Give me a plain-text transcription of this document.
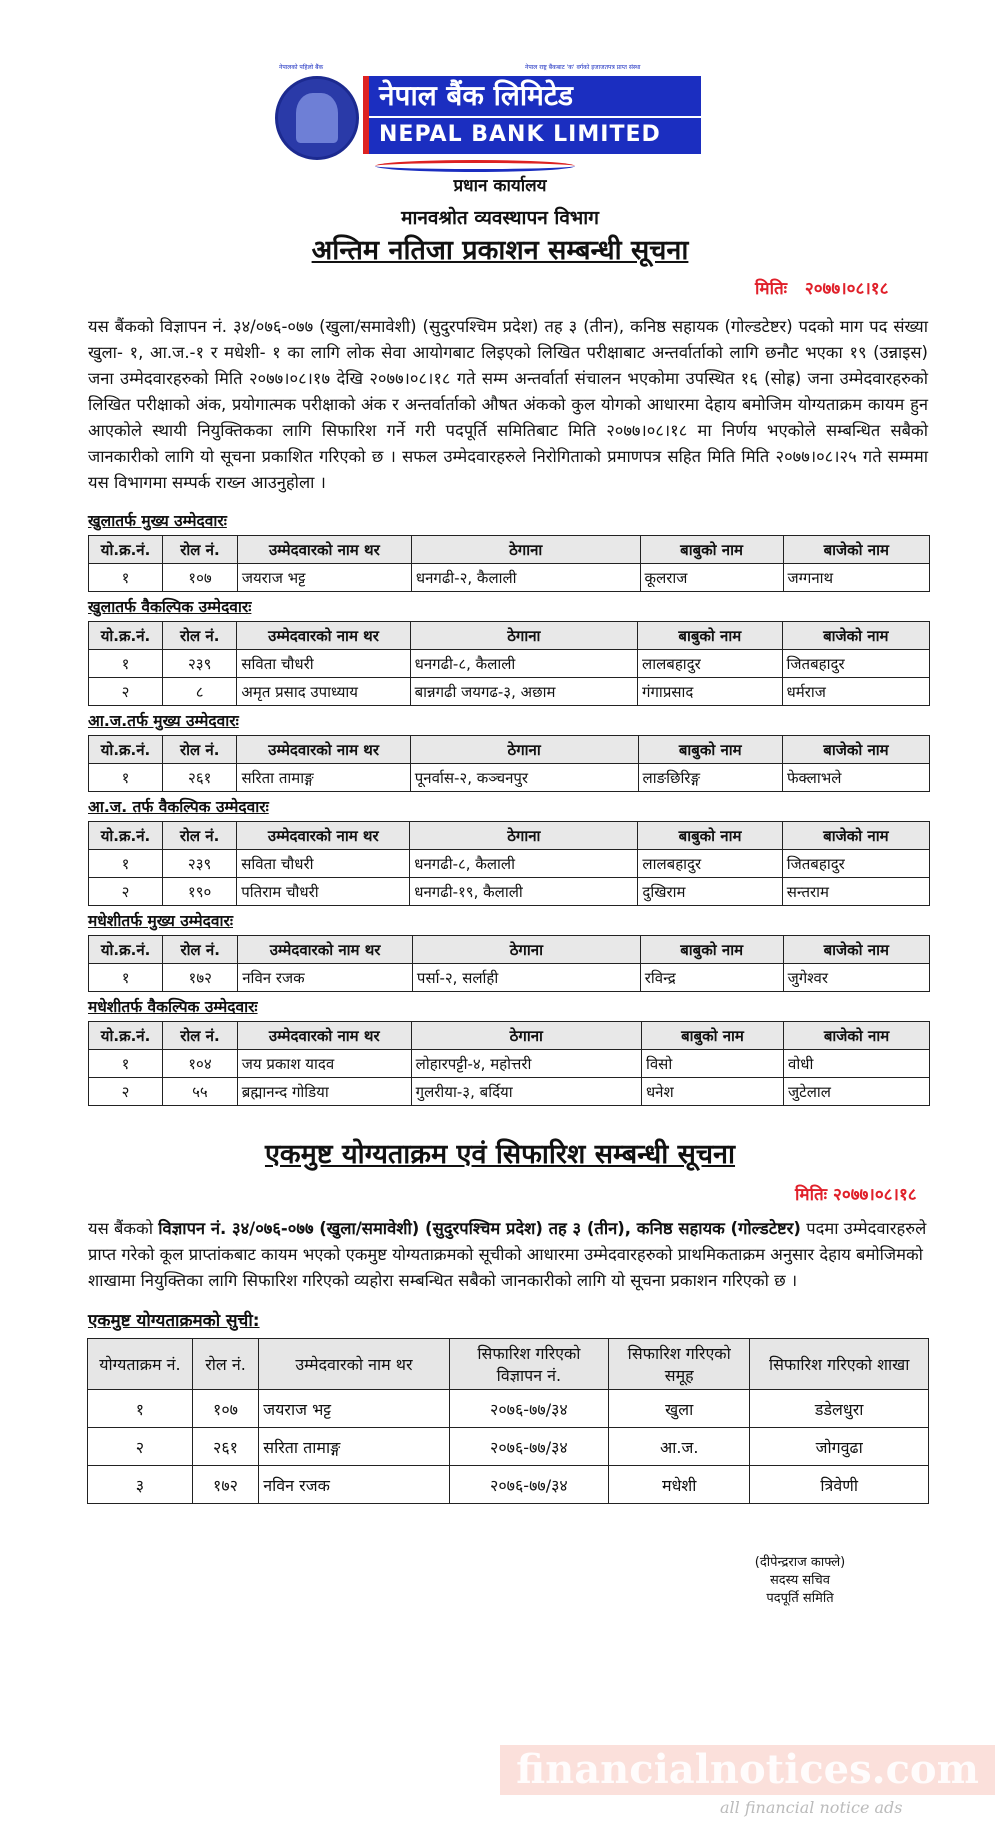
नेपालको पहिलो बैंक	नेपाल राष्ट्र बैंकबाट 'क' वर्गको इजाजतपत्र प्राप्त संस्था
नेपाल बैंक लिमिटेड
NEPAL BANK LIMITED
प्रधान कार्यालय
मानवश्रोत व्यवस्थापन विभाग
अन्तिम नतिजा प्रकाशन सम्बन्धी सूचना
मितिः   २०७७।०८।१८
यस बैंकको विज्ञापन नं. ३४/०७६-०७७ (खुला/समावेशी) (सुदुरपश्चिम प्रदेश) तह ३ (तीन), कनिष्ठ सहायक (गोल्डटेष्टर) पदको माग पद संख्या खुला- १, आ.ज.-१ र मधेशी- १ का लागि लोक सेवा आयोगबाट लिइएको लिखित परीक्षाबाट अन्तर्वार्ताको लागि छनौट भएका १९ (उन्नाइस) जना उम्मेदवारहरुको मिति २०७७।०८।१७ देखि २०७७।०८।१८ गते सम्म अन्तर्वार्ता संचालन भएकोमा उपस्थित १६ (सोह्र) जना उम्मेदवारहरुको लिखित परीक्षाको अंक, प्रयोगात्मक परीक्षाको अंक र अन्तर्वार्ताको औषत अंकको कुल योगको आधारमा देहाय बमोजिम योग्यताक्रम कायम हुन आएकोले स्थायी नियुक्तिकका लागि सिफारिश गर्ने गरी पदपूर्ति समितिबाट मिति २०७७।०८।१८ मा निर्णय भएकोले सम्बन्धित सबैको जानकारीको लागि यो सूचना प्रकाशित गरिएको छ । सफल उम्मेदवारहरुले निरोगिताको प्रमाणपत्र सहित मिति मिति २०७७।०८।२५ गते सम्ममा यस विभागमा सम्पर्क राख्न आउनुहोला ।
खुलातर्फ मुख्य उम्मेदवारः
यो.क्र.नं.	रोल नं.	उम्मेदवारको नाम थर	ठेगाना	बाबुको नाम	बाजेको नाम
१	१०७	जयराज भट्ट	धनगढी-२, कैलाली	कूलराज	जग्गनाथ
खुलातर्फ वैकल्पिक उम्मेदवारः
यो.क्र.नं.	रोल नं.	उम्मेदवारको नाम थर	ठेगाना	बाबुको नाम	बाजेको नाम
१	२३९	सविता चौधरी	धनगढी-८, कैलाली	लालबहादुर	जितबहादुर
२	८	अमृत प्रसाद उपाध्याय	बान्नगढी जयगढ-३, अछाम	गंगाप्रसाद	धर्मराज
आ.ज.तर्फ मुख्य उम्मेदवारः
यो.क्र.नं.	रोल नं.	उम्मेदवारको नाम थर	ठेगाना	बाबुको नाम	बाजेको नाम
१	२६१	सरिता तामाङ्ग	पूनर्वास-२, कञ्चनपुर	लाङछिरिङ्ग	फेक्लाभले
आ.ज. तर्फ वैकल्पिक उम्मेदवारः
यो.क्र.नं.	रोल नं.	उम्मेदवारको नाम थर	ठेगाना	बाबुको नाम	बाजेको नाम
१	२३९	सविता चौधरी	धनगढी-८, कैलाली	लालबहादुर	जितबहादुर
२	१९०	पतिराम चौधरी	धनगढी-१९, कैलाली	दुखिराम	सन्तराम
मधेशीतर्फ मुख्य उम्मेदवारः
यो.क्र.नं.	रोल नं.	उम्मेदवारको नाम थर	ठेगाना	बाबुको नाम	बाजेको नाम
१	१७२	नविन रजक	पर्सा-२, सर्लाही	रविन्द्र	जुगेश्वर
मधेशीतर्फ वैकल्पिक उम्मेदवारः
यो.क्र.नं.	रोल नं.	उम्मेदवारको नाम थर	ठेगाना	बाबुको नाम	बाजेको नाम
१	१०४	जय प्रकाश यादव	लोहारपट्टी-४, महोत्तरी	विसो	वोधी
२	५५	ब्रह्मानन्द गोडिया	गुलरीया-३, बर्दिया	धनेश	जुटेलाल
एकमुष्ट योग्यताक्रम एवं सिफारिश सम्बन्धी सूचना
मितिः २०७७।०८।१८
यस बैंकको विज्ञापन नं. ३४/०७६-०७७ (खुला/समावेशी) (सुदुरपश्चिम प्रदेश) तह ३ (तीन), कनिष्ठ सहायक (गोल्डटेष्टर) पदमा उम्मेदवारहरुले प्राप्त गरेको कूल प्राप्तांकबाट कायम भएको एकमुष्ट योग्यताक्रमको सूचीको आधारमा उम्मेदवारहरुको प्राथमिकताक्रम अनुसार देहाय बमोजिमको शाखामा नियुक्तिका लागि सिफारिश गरिएको व्यहोरा सम्बन्धित सबैको जानकारीको लागि यो सूचना प्रकाशन गरिएको छ ।
एकमुष्ट योग्यताक्रमको सुची:
योग्यताक्रम नं.	रोल नं.	उम्मेदवारको नाम थर	सिफारिश गरिएको विज्ञापन नं.	सिफारिश गरिएको समूह	सिफारिश गरिएको शाखा
१	१०७	जयराज भट्ट	२०७६-७७/३४	खुला	डडेलधुरा
२	२६१	सरिता तामाङ्ग	२०७६-७७/३४	आ.ज.	जोगवुढा
३	१७२	नविन रजक	२०७६-७७/३४	मधेशी	त्रिवेणी
(दीपेन्द्रराज काफ्ले)
सदस्य सचिव
पदपूर्ति समिति
financialnotices.com
all financial notice ads
